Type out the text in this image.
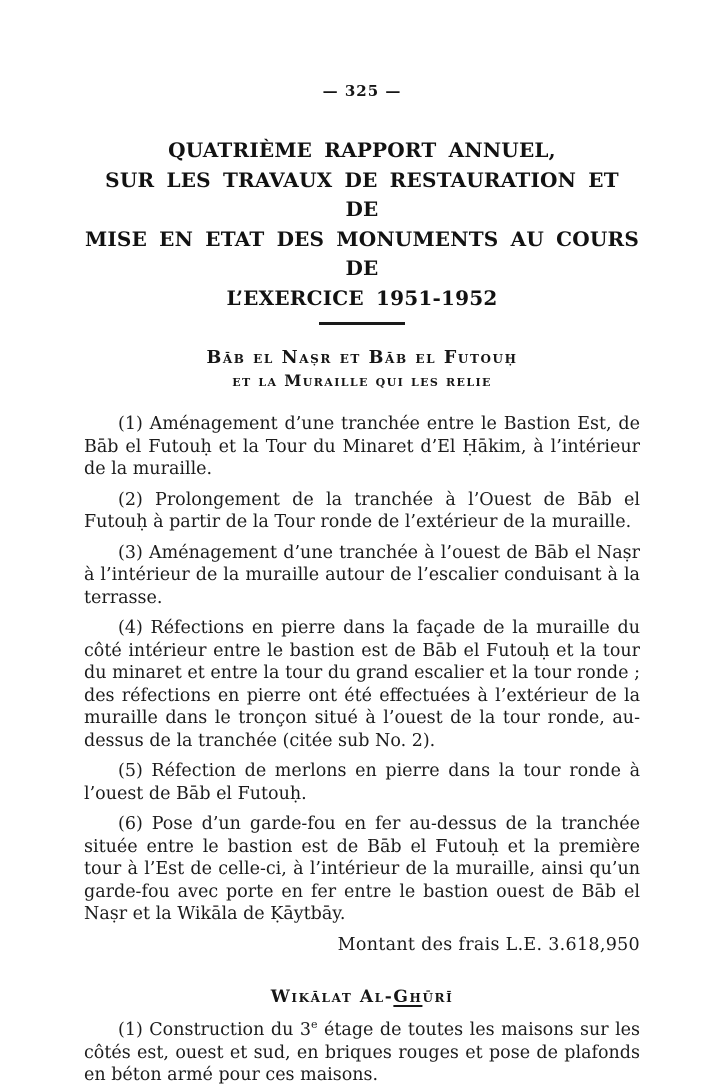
— 325 —
QUATRIÈME RAPPORT ANNUEL,
SUR LES TRAVAUX DE RESTAURATION ET DE
MISE EN ETAT DES MONUMENTS AU COURS DE
L’EXERCICE 1951-1952
Bāb el Naṣr et Bāb el Futouḥ
et la Muraille qui les relie

(1) Aménagement d’une tranchée entre le Bastion Est, de Bāb el Futouḥ et la Tour du Minaret d’El Ḥākim, à l’intérieur de la muraille.

(2) Prolongement de la tranchée à l’Ouest de Bāb el Futouḥ à partir de la Tour ronde de l’extérieur de la muraille.

(3) Aménagement d’une tranchée à l’ouest de Bāb el Naṣr à l’intérieur de la muraille autour de l’escalier conduisant à la terrasse.

(4) Réfections en pierre dans la façade de la muraille du côté intérieur entre le bastion est de Bāb el Futouḥ et la tour du minaret et entre la tour du grand escalier et la tour ronde ; des réfections en pierre ont été effectuées à l’extérieur de la muraille dans le tronçon situé à l’ouest de la tour ronde, au-dessus de la tranchée (citée sub No. 2).

(5) Réfection de merlons en pierre dans la tour ronde à l’ouest de Bāb el Futouḥ.

(6) Pose d’un garde-fou en fer au-dessus de la tranchée située entre le bastion est de Bāb el Futouḥ et la première tour à l’Est de celle-ci, à l’intérieur de la muraille, ainsi qu’un garde-fou avec porte en fer entre le bastion ouest de Bāb el Naṣr et la Wikāla de Ḳāytbāy.

Montant des frais L.E. 3.618,950

Wikālat Al-Ghūrī

(1) Construction du 3e étage de toutes les maisons sur les côtés est, ouest et sud, en briques rouges et pose de plafonds en béton armé pour ces maisons.
